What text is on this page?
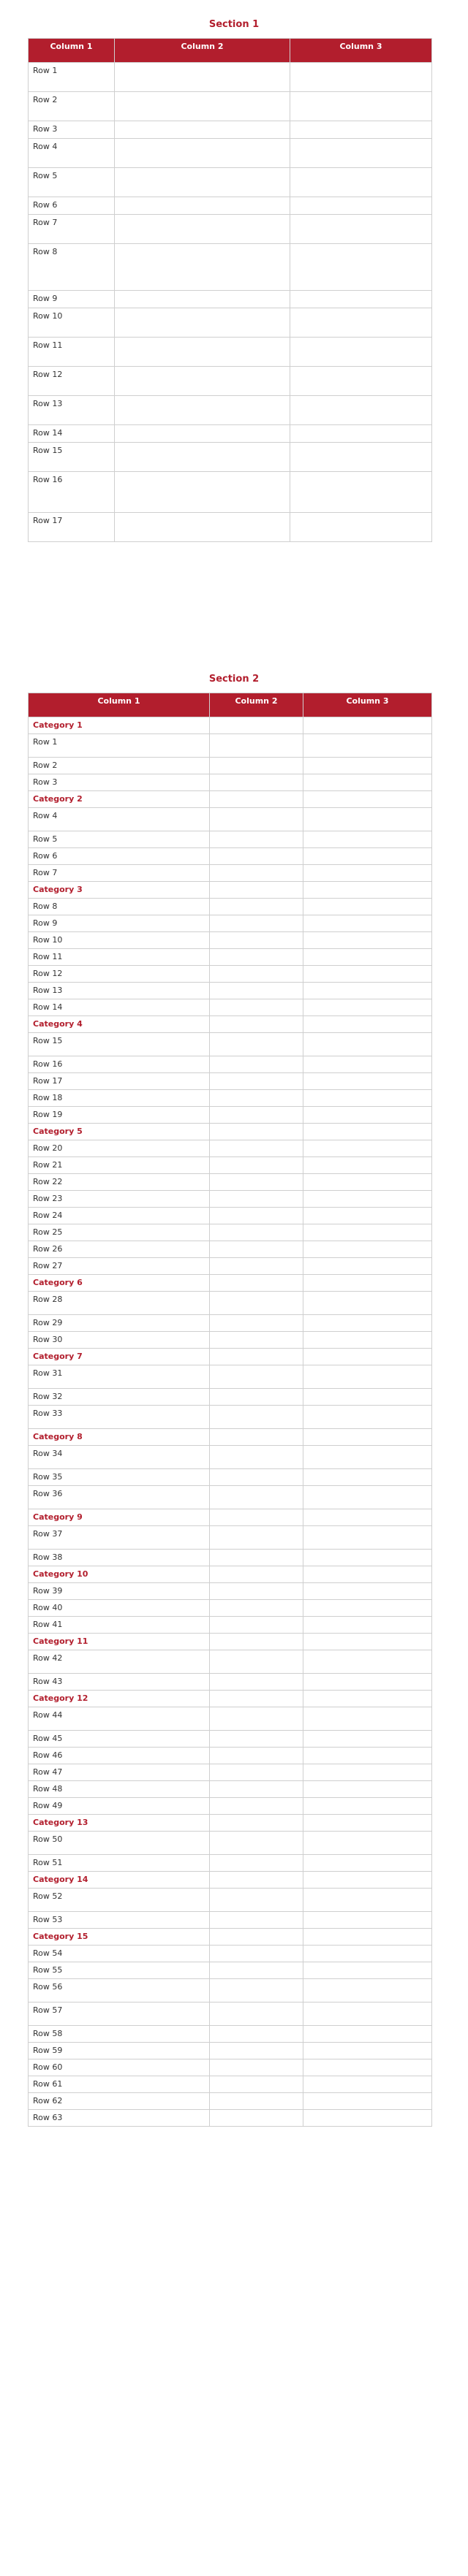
Section 1
Column 1	Column 2	Column 3
Row 1		
Row 2		
Row 3		
Row 4		
Row 5		
Row 6		
Row 7		
Row 8		
Row 9		
Row 10		
Row 11		
Row 12		
Row 13		
Row 14		
Row 15		
Row 16		
Row 17		
Section 2
Column 1	Column 2	Column 3
Category 1		
Row 1		
Row 2		
Row 3		
Category 2		
Row 4		
Row 5		
Row 6		
Row 7		
Category 3		
Row 8		
Row 9		
Row 10		
Row 11		
Row 12		
Row 13		
Row 14		
Category 4		
Row 15		
Row 16		
Row 17		
Row 18		
Row 19		
Category 5		
Row 20		
Row 21		
Row 22		
Row 23		
Row 24		
Row 25		
Row 26		
Row 27		
Category 6		
Row 28		
Row 29		
Row 30		
Category 7		
Row 31		
Row 32		
Row 33		
Category 8		
Row 34		
Row 35		
Row 36		
Category 9		
Row 37		
Row 38		
Category 10		
Row 39		
Row 40		
Row 41		
Category 11		
Row 42		
Row 43		
Category 12		
Row 44		
Row 45		
Row 46		
Row 47		
Row 48		
Row 49		
Category 13		
Row 50		
Row 51		
Category 14		
Row 52		
Row 53		
Category 15		
Row 54		
Row 55		
Row 56		
Row 57		
Row 58		
Row 59		
Row 60		
Row 61		
Row 62		
Row 63		
